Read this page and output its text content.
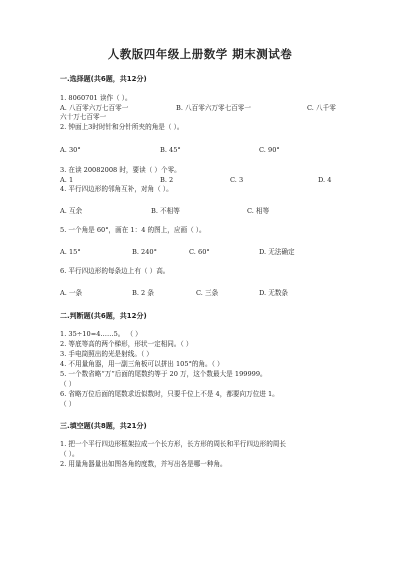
人教版四年级上册数学 期末测试卷
一.选择题(共6题，共12分)
1. 8060701 读作（ ）。
A. 八百零六万七百零一	B. 八百零六万零七百零一	C. 八千零
六十万七百零一
2. 钟面上3时时针和分针所夹的角是（ ）。
A. 30°	B. 45°	C. 90°
3. 在读 20082008 时，要读（ ）个零。
A. 1	B. 2	C. 3	D. 4
4. 平行四边形的邻角互补，对角（ ）。
A. 互余	B. 不相等	C. 相等
5. 一个角是 60°，画在 1：4 的图上，应画（ ）。
A. 15°	B. 240°	C. 60°	D. 无法确定
6. 平行四边形的每条边上有（ ）高。
A. 一条	B. 2 条	C. 三条	D. 无数条
二.判断题(共6题，共12分)
1. 35÷10=4……5。 （ ）
2. 等底等高的两个梯形，形状一定相同。（ ）
3. 手电筒照出的光是射线。（ ）
4. 不用量角器，用一副三角板可以拼出 105°的角。（ ）
5. 一个数省略“万”后面的尾数约等于 20 万，这个数最大是 199999。
（ ）
6. 省略万位后面的尾数求近似数时，只要千位上不是 4，都要向万位进 1。
（ ）
三.填空题(共8题，共21分)
1. 把一个平行四边形框架拉成一个长方形，长方形的周长和平行四边形的周长
（ ）。
2. 用量角器量出如图各角的度数，并写出各是哪一种角。
